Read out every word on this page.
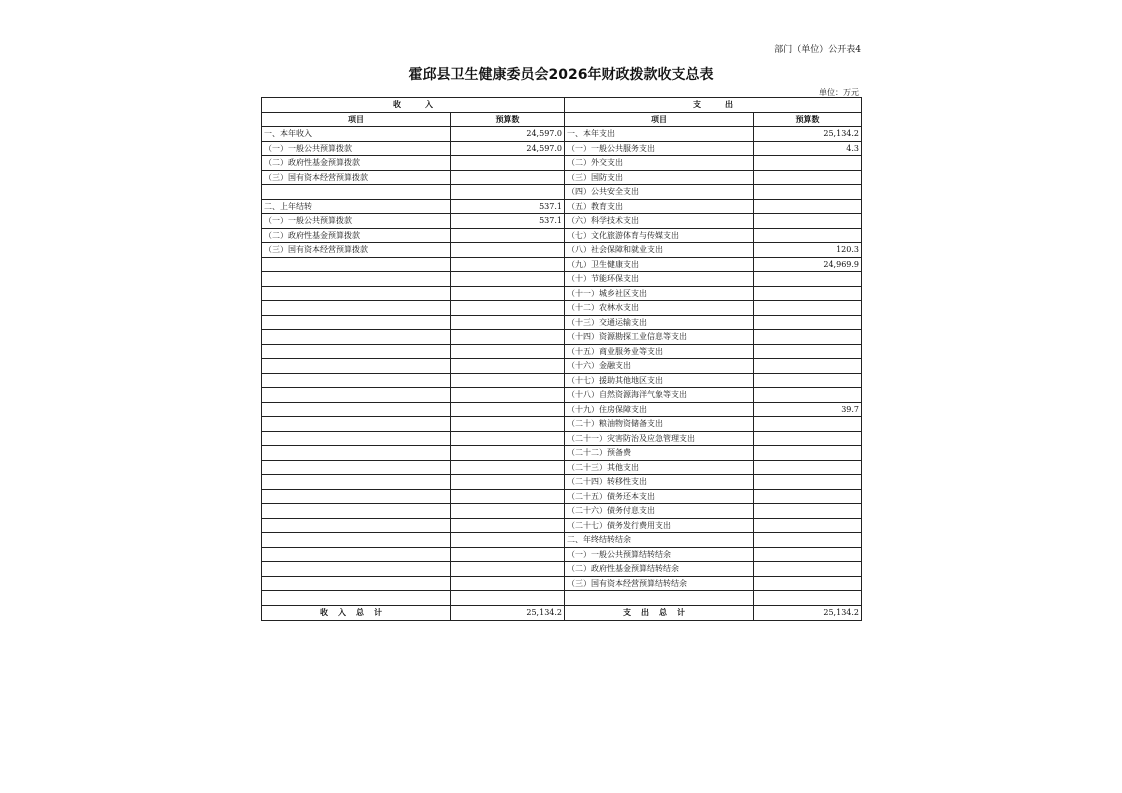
部门（单位）公开表4
霍邱县卫生健康委员会2026年财政拨款收支总表
单位：万元
收　　　入		支　　　出	
项目	预算数	项目	预算数
一、本年收入	24,597.0	一、本年支出	25,134.2
（一）一般公共预算拨款	24,597.0	（一）一般公共服务支出	4.3
（二）政府性基金预算拨款		（二）外交支出	
（三）国有资本经营预算拨款		（三）国防支出	
		（四）公共安全支出	
二、上年结转	537.1	（五）教育支出	
（一）一般公共预算拨款	537.1	（六）科学技术支出	
（二）政府性基金预算拨款		（七）文化旅游体育与传媒支出	
（三）国有资本经营预算拨款		（八）社会保障和就业支出	120.3
		（九）卫生健康支出	24,969.9
		（十）节能环保支出	
		（十一）城乡社区支出	
		（十二）农林水支出	
		（十三）交通运输支出	
		（十四）资源勘探工业信息等支出	
		（十五）商业服务业等支出	
		（十六）金融支出	
		（十七）援助其他地区支出	
		（十八）自然资源海洋气象等支出	
		（十九）住房保障支出	39.7
		（二十）粮油物资储备支出	
		（二十一）灾害防治及应急管理支出	
		（二十二）预备费	
		（二十三）其他支出	
		（二十四）转移性支出	
		（二十五）债务还本支出	
		（二十六）债务付息支出	
		（二十七）债务发行费用支出	
		二、年终结转结余	
		（一）一般公共预算结转结余	
		（二）政府性基金预算结转结余	
		（三）国有资本经营预算结转结余	

收入总计	25,134.2	支出总计	25,134.2
